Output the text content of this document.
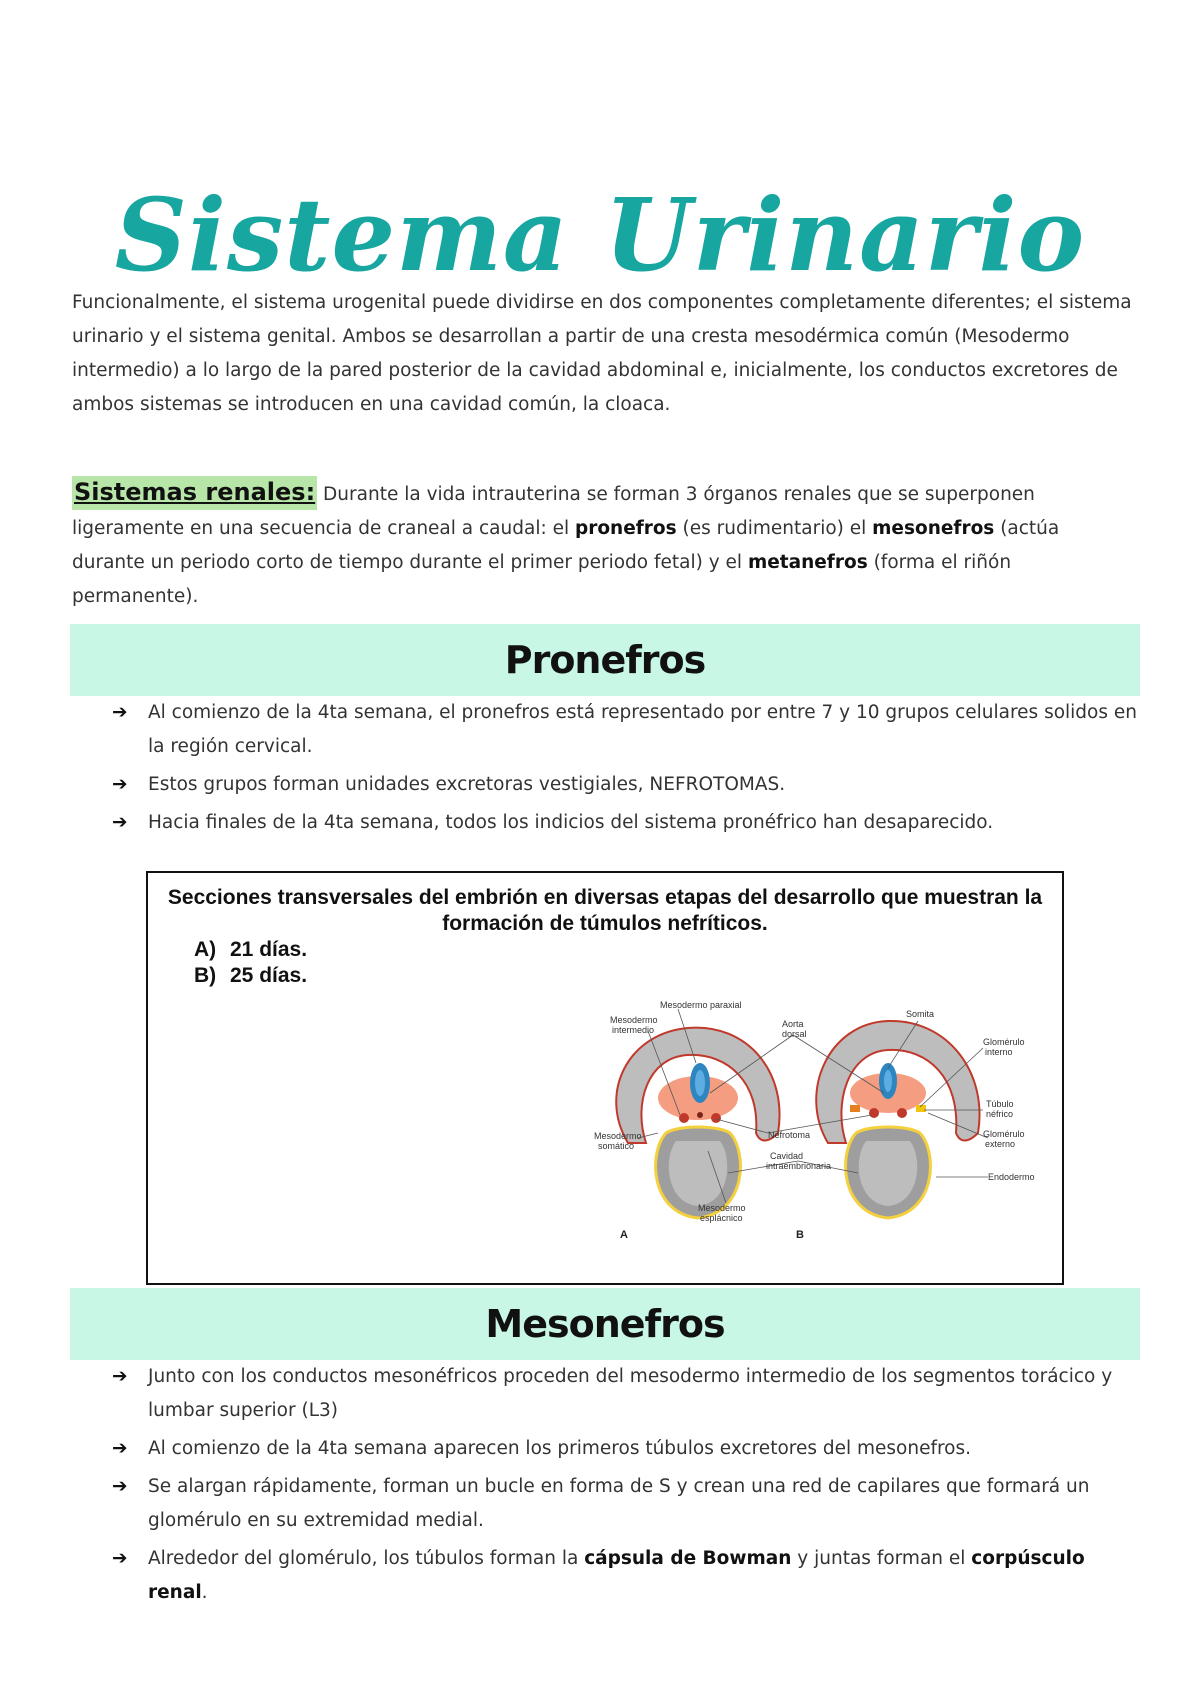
Sistema Urinario

Funcionalmente, el sistema urogenital puede dividirse en dos componentes completamente diferentes; el sistema urinario y el sistema genital. Ambos se desarrollan a partir de una cresta mesodérmica común (Mesodermo intermedio) a lo largo de la pared posterior de la cavidad abdominal e, inicialmente, los conductos excretores de ambos sistemas se introducen en una cavidad común, la cloaca.

Sistemas renales: Durante la vida intrauterina se forman 3 órganos renales que se superponen ligeramente en una secuencia de craneal a caudal: el pronefros (es rudimentario) el mesonefros (actúa durante un periodo corto de tiempo durante el primer periodo fetal) y el metanefros (forma el riñón permanente).

Pronefros
➔ Al comienzo de la 4ta semana, el pronefros está representado por entre 7 y 10 grupos celulares solidos en la región cervical.
➔ Estos grupos forman unidades excretoras vestigiales, NEFROTOMAS.
➔ Hacia finales de la 4ta semana, todos los indicios del sistema pronéfrico han desaparecido.
Secciones transversales del embrión en diversas etapas del desarrollo que muestran la formación de túmulos nefríticos.
A) 21 días.
B) 25 días.
Mesodermo paraxial
Mesodermo
intermedio
Aorta
dorsal
Somita
Glomérulo
interno
Túbulo
néfrico
Glomérulo
externo
Nefrotoma
Mesodermo
somático
Cavidad
intraembrionaria
Endodermo
Mesodermo
esplácnico
A	B
Mesonefros
➔ Junto con los conductos mesonéfricos proceden del mesodermo intermedio de los segmentos torácico y lumbar superior (L3)
➔ Al comienzo de la 4ta semana aparecen los primeros túbulos excretores del mesonefros.
➔ Se alargan rápidamente, forman un bucle en forma de S y crean una red de capilares que formará un glomérulo en su extremidad medial.
➔ Alrededor del glomérulo, los túbulos forman la cápsula de Bowman y juntas forman el corpúsculo renal.
